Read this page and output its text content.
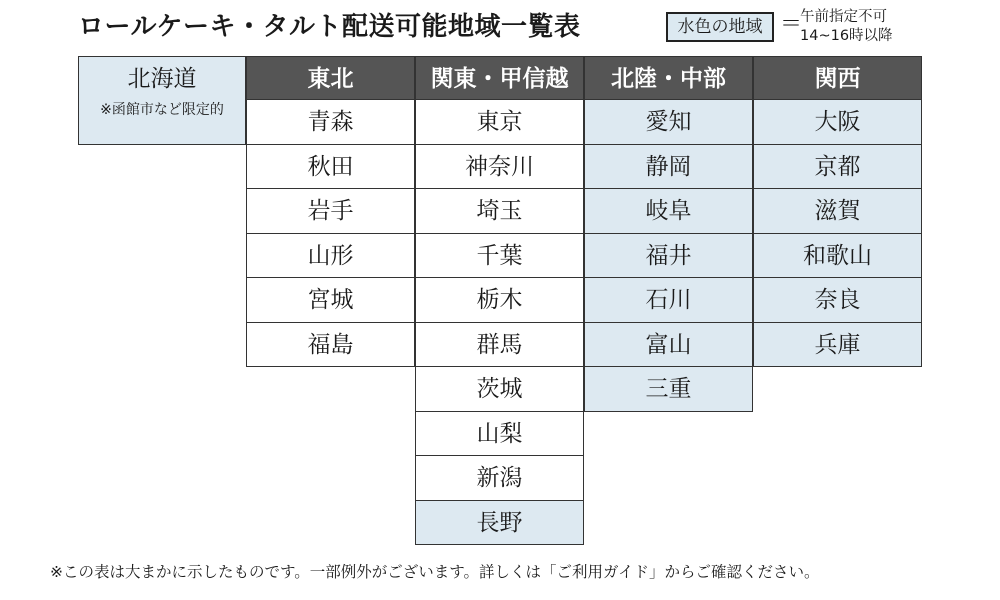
ロールケーキ・タルト配送可能地域一覧表	水色の地域 ＝
午前指定不可
14~16時以降
北海道
※函館市など限定的
東北
青森
秋田
岩手
山形
宮城
福島
関東・甲信越
東京
神奈川
埼玉
千葉
栃木
群馬
茨城
山梨
新潟
長野
北陸・中部
愛知
静岡
岐阜
福井
石川
富山
三重
関西
大阪
京都
滋賀
和歌山
奈良
兵庫
※この表は大まかに示したものです。一部例外がございます。詳しくは「ご利用ガイド」からご確認ください。
